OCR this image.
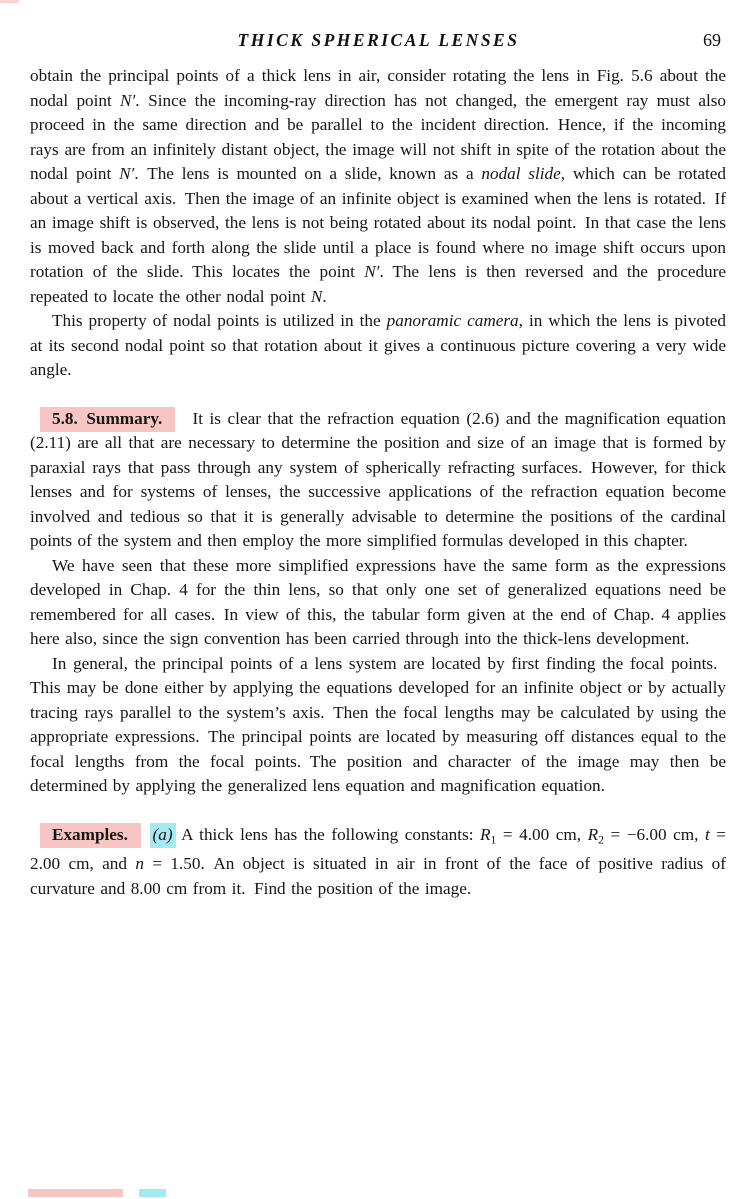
THICK SPHERICAL LENSES	69

obtain the principal points of a thick lens in air, consider rotating the lens in Fig. 5.6 about the nodal point N′. Since the incoming-ray direction has not changed, the emergent ray must also proceed in the same direction and be parallel to the incident direction. Hence, if the incoming rays are from an infinitely distant object, the image will not shift in spite of the rotation about the nodal point N′. The lens is mounted on a slide, known as a nodal slide, which can be rotated about a vertical axis. Then the image of an infinite object is examined when the lens is rotated. If an image shift is observed, the lens is not being rotated about its nodal point. In that case the lens is moved back and forth along the slide until a place is found where no image shift occurs upon rotation of the slide. This locates the point N′. The lens is then reversed and the procedure repeated to locate the other nodal point N.

This property of nodal points is utilized in the panoramic camera, in which the lens is pivoted at its second nodal point so that rotation about it gives a continuous picture covering a very wide angle.

5.8. Summary.  It is clear that the refraction equation (2.6) and the magnification equation (2.11) are all that are necessary to determine the position and size of an image that is formed by paraxial rays that pass through any system of spherically refracting surfaces. However, for thick lenses and for systems of lenses, the successive applications of the refraction equation become involved and tedious so that it is generally advisable to determine the positions of the cardinal points of the system and then employ the more simplified formulas developed in this chapter.

We have seen that these more simplified expressions have the same form as the expressions developed in Chap. 4 for the thin lens, so that only one set of generalized equations need be remembered for all cases. In view of this, the tabular form given at the end of Chap. 4 applies here also, since the sign convention has been carried through into the thick-lens development.

In general, the principal points of a lens system are located by first finding the focal points. This may be done either by applying the equations developed for an infinite object or by actually tracing rays parallel to the system’s axis. Then the focal lengths may be calculated by using the appropriate expressions. The principal points are located by measuring off distances equal to the focal lengths from the focal points. The position and character of the image may then be determined by applying the generalized lens equation and magnification equation.

Examples.  (a) A thick lens has the following constants: R1 = 4.00 cm, R2 = −6.00 cm, t = 2.00 cm, and n = 1.50. An object is situated in air in front of the face of positive radius of curvature and 8.00 cm from it. Find the position of the image.
